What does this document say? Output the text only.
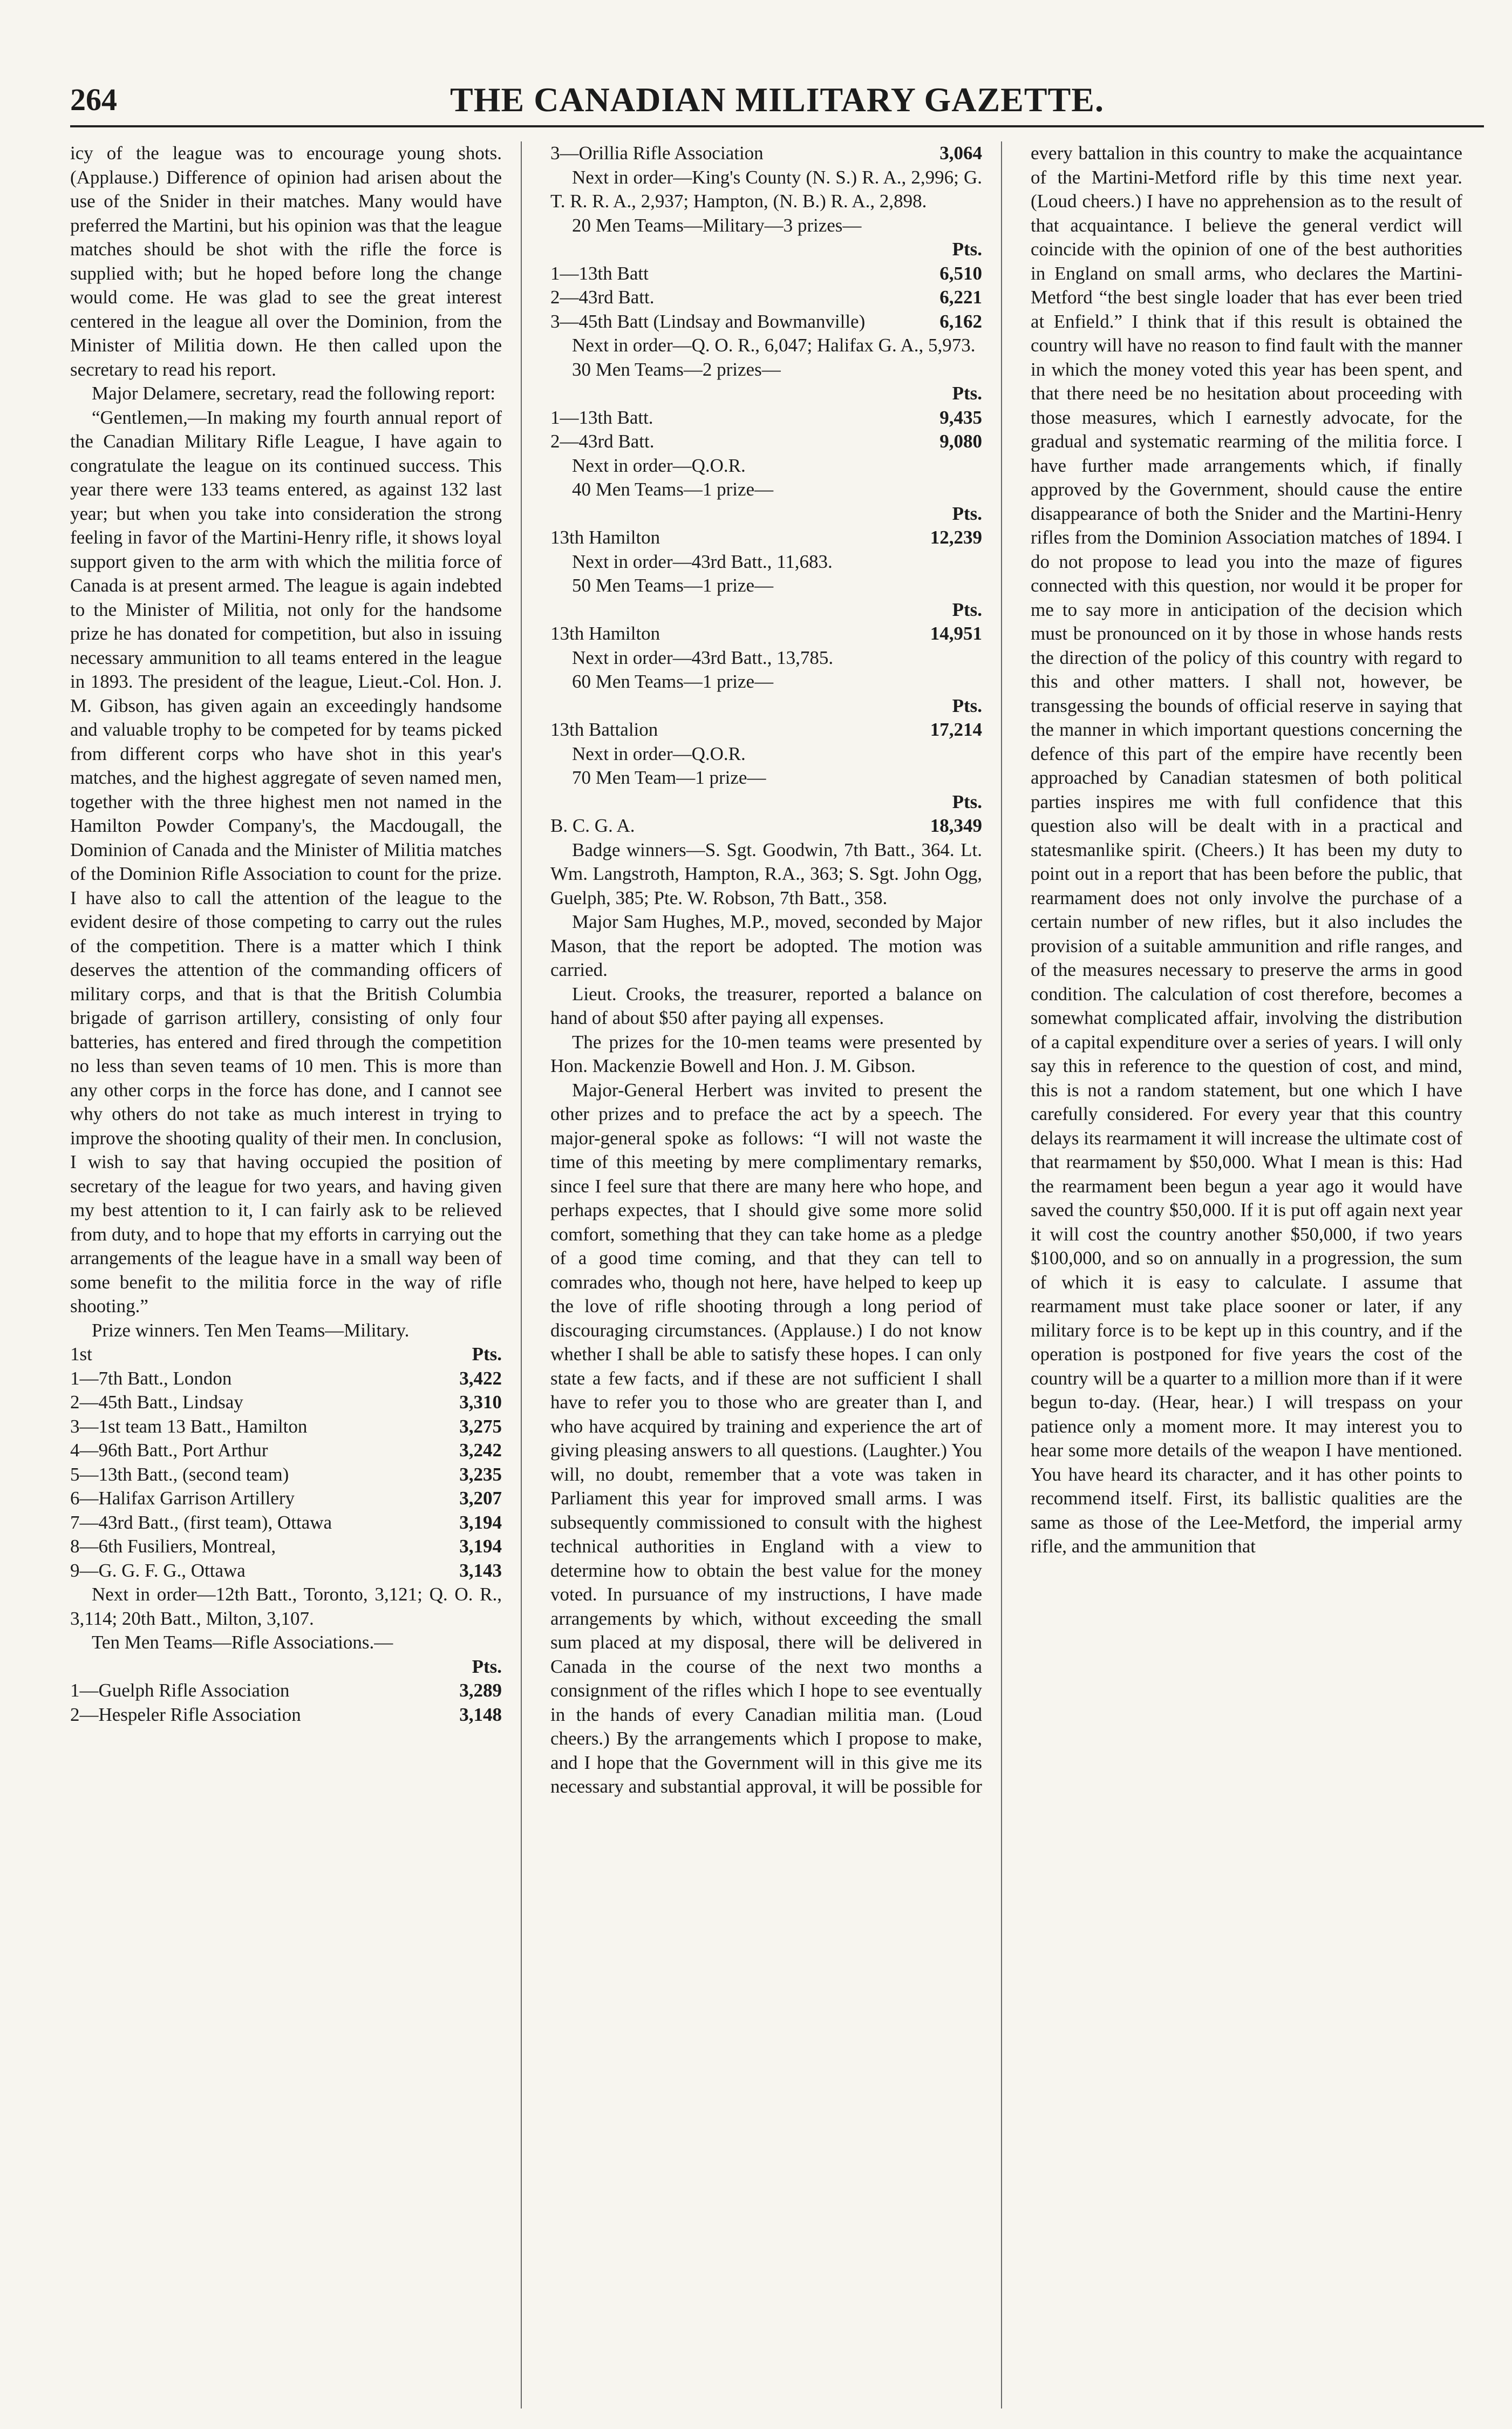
264	THE CANADIAN MILITARY GAZETTE.

icy of the league was to encourage young shots. (Applause.) Difference of opinion had arisen about the use of the Snider in their matches. Many would have preferred the Martini, but his opinion was that the league matches should be shot with the rifle the force is supplied with; but he hoped before long the change would come. He was glad to see the great interest centered in the league all over the Dominion, from the Minister of Militia down. He then called upon the secretary to read his report.

Major Delamere, secretary, read the following report:

“Gentlemen,—In making my fourth annual report of the Canadian Military Rifle League, I have again to congratulate the league on its continued success. This year there were 133 teams entered, as against 132 last year; but when you take into consideration the strong feeling in favor of the Martini-Henry rifle, it shows loyal support given to the arm with which the militia force of Canada is at present armed. The league is again indebted to the Minister of Militia, not only for the handsome prize he has donated for competition, but also in issuing necessary ammunition to all teams entered in the league in 1893. The president of the league, Lieut.-Col. Hon. J. M. Gibson, has given again an exceedingly handsome and valuable trophy to be competed for by teams picked from different corps who have shot in this year's matches, and the highest aggregate of seven named men, together with the three highest men not named in the Hamilton Powder Company's, the Macdougall, the Dominion of Canada and the Minister of Militia matches of the Dominion Rifle Association to count for the prize. I have also to call the attention of the league to the evident desire of those competing to carry out the rules of the competition. There is a matter which I think deserves the attention of the commanding officers of military corps, and that is that the British Columbia brigade of garrison artillery, consisting of only four batteries, has entered and fired through the competition no less than seven teams of 10 men. This is more than any other corps in the force has done, and I cannot see why others do not take as much interest in trying to improve the shooting quality of their men. In conclusion, I wish to say that having occupied the position of secretary of the league for two years, and having given my best attention to it, I can fairly ask to be relieved from duty, and to hope that my efforts in carrying out the arrangements of the league have in a small way been of some benefit to the militia force in the way of rifle shooting.”

Prize winners. Ten Men Teams—Military.

1st	Pts.
1—7th Batt., London	3,422
2—45th Batt., Lindsay	3,310
3—1st team 13 Batt., Hamilton	3,275
4—96th Batt., Port Arthur	3,242
5—13th Batt., (second team)	3,235
6—Halifax Garrison Artillery	3,207
7—43rd Batt., (first team), Ottawa	3,194
8—6th Fusiliers, Montreal,	3,194
9—G. G. F. G., Ottawa	3,143

Next in order—12th Batt., Toronto, 3,121; Q. O. R., 3,114; 20th Batt., Milton, 3,107.

Ten Men Teams—Rifle Associations.—
Pts.
1—Guelph Rifle Association	3,289
2—Hespeler Rifle Association	3,148
3—Orillia Rifle Association	3,064

Next in order—King's County (N. S.) R. A., 2,996; G. T. R. R. A., 2,937; Hampton, (N. B.) R. A., 2,898.

20 Men Teams—Military—3 prizes—
Pts.
1—13th Batt	6,510
2—43rd Batt.	6,221
3—45th Batt (Lindsay and Bowmanville)	6,162

Next in order—Q. O. R., 6,047; Halifax G. A., 5,973.

30 Men Teams—2 prizes—
Pts.
1—13th Batt.	9,435
2—43rd Batt.	9,080
Next in order—Q.O.R.
40 Men Teams—1 prize—
Pts.
13th Hamilton	12,239
Next in order—43rd Batt., 11,683.
50 Men Teams—1 prize—
Pts.
13th Hamilton	14,951
Next in order—43rd Batt., 13,785.
60 Men Teams—1 prize—
Pts.
13th Battalion	17,214
Next in order—Q.O.R.
70 Men Team—1 prize—
Pts.
B. C. G. A.	18,349

Badge winners—S. Sgt. Goodwin, 7th Batt., 364. Lt. Wm. Langstroth, Hampton, R.A., 363; S. Sgt. John Ogg, Guelph, 385; Pte. W. Robson, 7th Batt., 358.

Major Sam Hughes, M.P., moved, seconded by Major Mason, that the report be adopted. The motion was carried.

Lieut. Crooks, the treasurer, reported a balance on hand of about $50 after paying all expenses.

The prizes for the 10-men teams were presented by Hon. Mackenzie Bowell and Hon. J. M. Gibson.

Major-General Herbert was invited to present the other prizes and to preface the act by a speech. The major-general spoke as follows: “I will not waste the time of this meeting by mere complimentary remarks, since I feel sure that there are many here who hope, and perhaps expectes, that I should give some more solid comfort, something that they can take home as a pledge of a good time coming, and that they can tell to comrades who, though not here, have helped to keep up the love of rifle shooting through a long period of discouraging circumstances. (Applause.) I do not know whether I shall be able to satisfy these hopes. I can only state a few facts, and if these are not sufficient I shall have to refer you to those who are greater than I, and who have acquired by training and experience the art of giving pleasing answers to all questions. (Laughter.) You will, no doubt, remember that a vote was taken in Parliament this year for improved small arms. I was subsequently commissioned to consult with the highest technical authorities in England with a view to determine how to obtain the best value for the money voted. In pursuance of my instructions, I have made arrangements by which, without exceeding the small sum placed at my disposal, there will be delivered in Canada in the course of the next two months a consignment of the rifles which I hope to see eventually in the hands of every Canadian militia man. (Loud cheers.) By the arrangements which I propose to make, and I hope that the Government will in this give me its necessary and substantial approval, it will be possible for

every battalion in this country to make the acquaintance of the Martini-Metford rifle by this time next year. (Loud cheers.) I have no apprehension as to the result of that acquaintance. I believe the general verdict will coincide with the opinion of one of the best authorities in England on small arms, who declares the Martini-Metford “the best single loader that has ever been tried at Enfield.” I think that if this result is obtained the country will have no reason to find fault with the manner in which the money voted this year has been spent, and that there need be no hesitation about proceeding with those measures, which I earnestly advocate, for the gradual and systematic rearming of the militia force. I have further made arrangements which, if finally approved by the Government, should cause the entire disappearance of both the Snider and the Martini-Henry rifles from the Dominion Association matches of 1894. I do not propose to lead you into the maze of figures connected with this question, nor would it be proper for me to say more in anticipation of the decision which must be pronounced on it by those in whose hands rests the direction of the policy of this country with regard to this and other matters. I shall not, however, be transgessing the bounds of official reserve in saying that the manner in which important questions concerning the defence of this part of the empire have recently been approached by Canadian statesmen of both political parties inspires me with full confidence that this question also will be dealt with in a practical and statesmanlike spirit. (Cheers.) It has been my duty to point out in a report that has been before the public, that rearmament does not only involve the purchase of a certain number of new rifles, but it also includes the provision of a suitable ammunition and rifle ranges, and of the measures necessary to preserve the arms in good condition. The calculation of cost therefore, becomes a somewhat complicated affair, involving the distribution of a capital expenditure over a series of years. I will only say this in reference to the question of cost, and mind, this is not a random statement, but one which I have carefully considered. For every year that this country delays its rearmament it will increase the ultimate cost of that rearmament by $50,000. What I mean is this: Had the rearmament been begun a year ago it would have saved the country $50,000. If it is put off again next year it will cost the country another $50,000, if two years $100,000, and so on annually in a progression, the sum of which it is easy to calculate. I assume that rearmament must take place sooner or later, if any military force is to be kept up in this country, and if the operation is postponed for five years the cost of the country will be a quarter to a million more than if it were begun to-day. (Hear, hear.) I will trespass on your patience only a moment more. It may interest you to hear some more details of the weapon I have mentioned. You have heard its character, and it has other points to recommend itself. First, its ballistic qualities are the same as those of the Lee-Metford, the imperial army rifle, and the ammunition that
